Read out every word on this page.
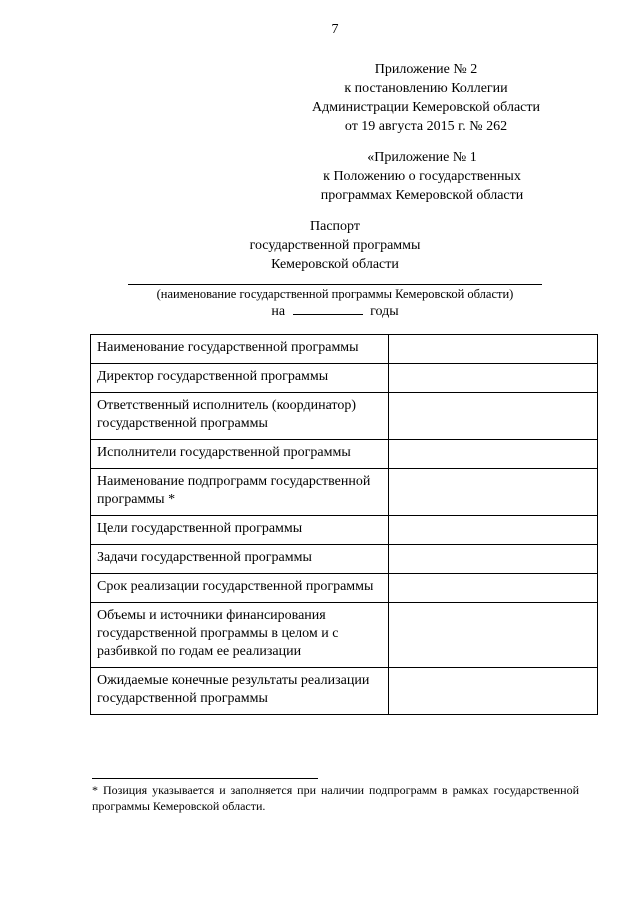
7
Приложение № 2
к постановлению Коллегии
Администрации Кемеровской области
от 19 августа 2015 г. № 262
«Приложение № 1
к Положению о государственных
программах Кемеровской области
Паспорт
государственной программы
Кемеровской области
(наименование государственной программы Кемеровской области)
на	годы
Наименование государственной программы	
Директор государственной программы	
Ответственный исполнитель (координатор) государственной программы	
Исполнители государственной программы	
Наименование подпрограмм государственной программы *	
Цели государственной программы	
Задачи государственной программы	
Срок реализации государственной программы	
Объемы и источники финансирования государственной программы в целом и с разбивкой по годам ее реализации	
Ожидаемые конечные результаты реализации государственной программы	
* Позиция указывается и заполняется при наличии подпрограмм в рамках государственной программы Кемеровской области.
